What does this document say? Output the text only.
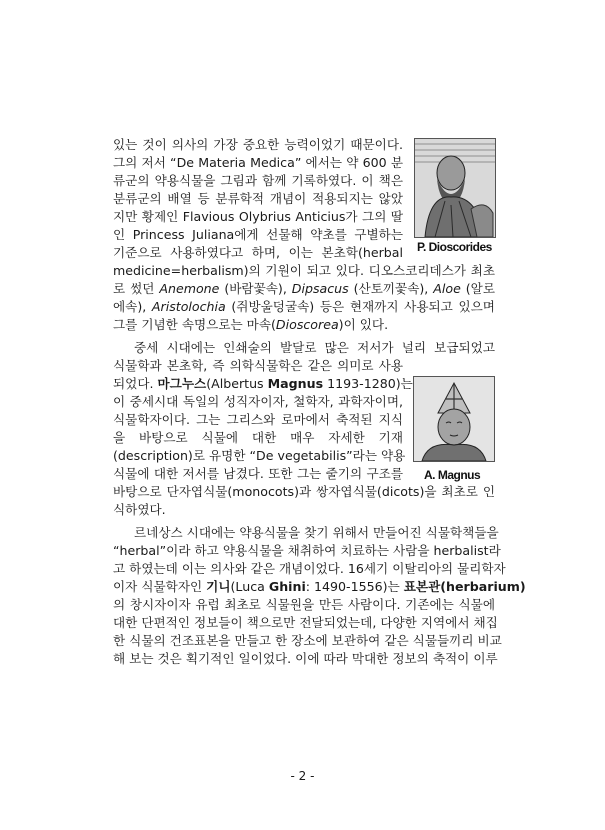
있는 것이 의사의 가장 중요한 능력이었기 때문이다.
그의 저서 “De Materia Medica” 에서는 약 600 분
류군의 약용식물을 그림과 함께 기록하였다. 이 책은
분류군의 배열 등 분류학적 개념이 적용되지는 않았
지만 황제인 Flavious Olybrius Anticius가 그의 딸
인 Princess Juliana에게 선물해 약초를 구별하는
기준으로 사용하였다고 하며, 이는 본초학(herbal
medicine=herbalism)의 기원이 되고 있다. 디오스코리데스가 최초
로 썼던 Anemone (바람꽃속), Dipsacus (산토끼꽃속), Aloe (알로
에속), Aristolochia (쥐방울덩굴속) 등은 현재까지 사용되고 있으며
그를 기념한 속명으로는 마속(Dioscorea)이 있다.
중세 시대에는 인쇄술의 발달로 많은 저서가 널리 보급되었고
식물학과 본초학, 즉 의학식물학은 같은 의미로 사용
되었다. 마그누스(Albertus Magnus 1193-1280)는
이 중세시대 독일의 성직자이자, 철학자, 과학자이며,
식물학자이다. 그는 그리스와 로마에서 축적된 지식
을 바탕으로 식물에 대한 매우 자세한 기재
(description)로 유명한 “De vegetabilis”라는 약용
식물에 대한 저서를 남겼다. 또한 그는 줄기의 구조를
바탕으로 단자엽식물(monocots)과 쌍자엽식물(dicots)을 최초로 인
식하였다.
르네상스 시대에는 약용식물을 찾기 위해서 만들어진 식물학책들을
“herbal”이라 하고 약용식물을 채취하여 치료하는 사람을 herbalist라
고 하였는데 이는 의사와 같은 개념이었다. 16세기 이탈리아의 물리학자
이자 식물학자인 기니(Luca Ghini: 1490-1556)는 표본관(herbarium)
의 창시자이자 유럽 최초로 식물원을 만든 사람이다. 기존에는 식물에
대한 단편적인 정보들이 책으로만 전달되었는데, 다양한 지역에서 채집
한 식물의 건조표본을 만들고 한 장소에 보관하여 같은 식물들끼리 비교
해 보는 것은 획기적인 일이었다. 이에 따라 막대한 정보의 축적이 이루
P. Dioscorides
A. Magnus
- 2 -
